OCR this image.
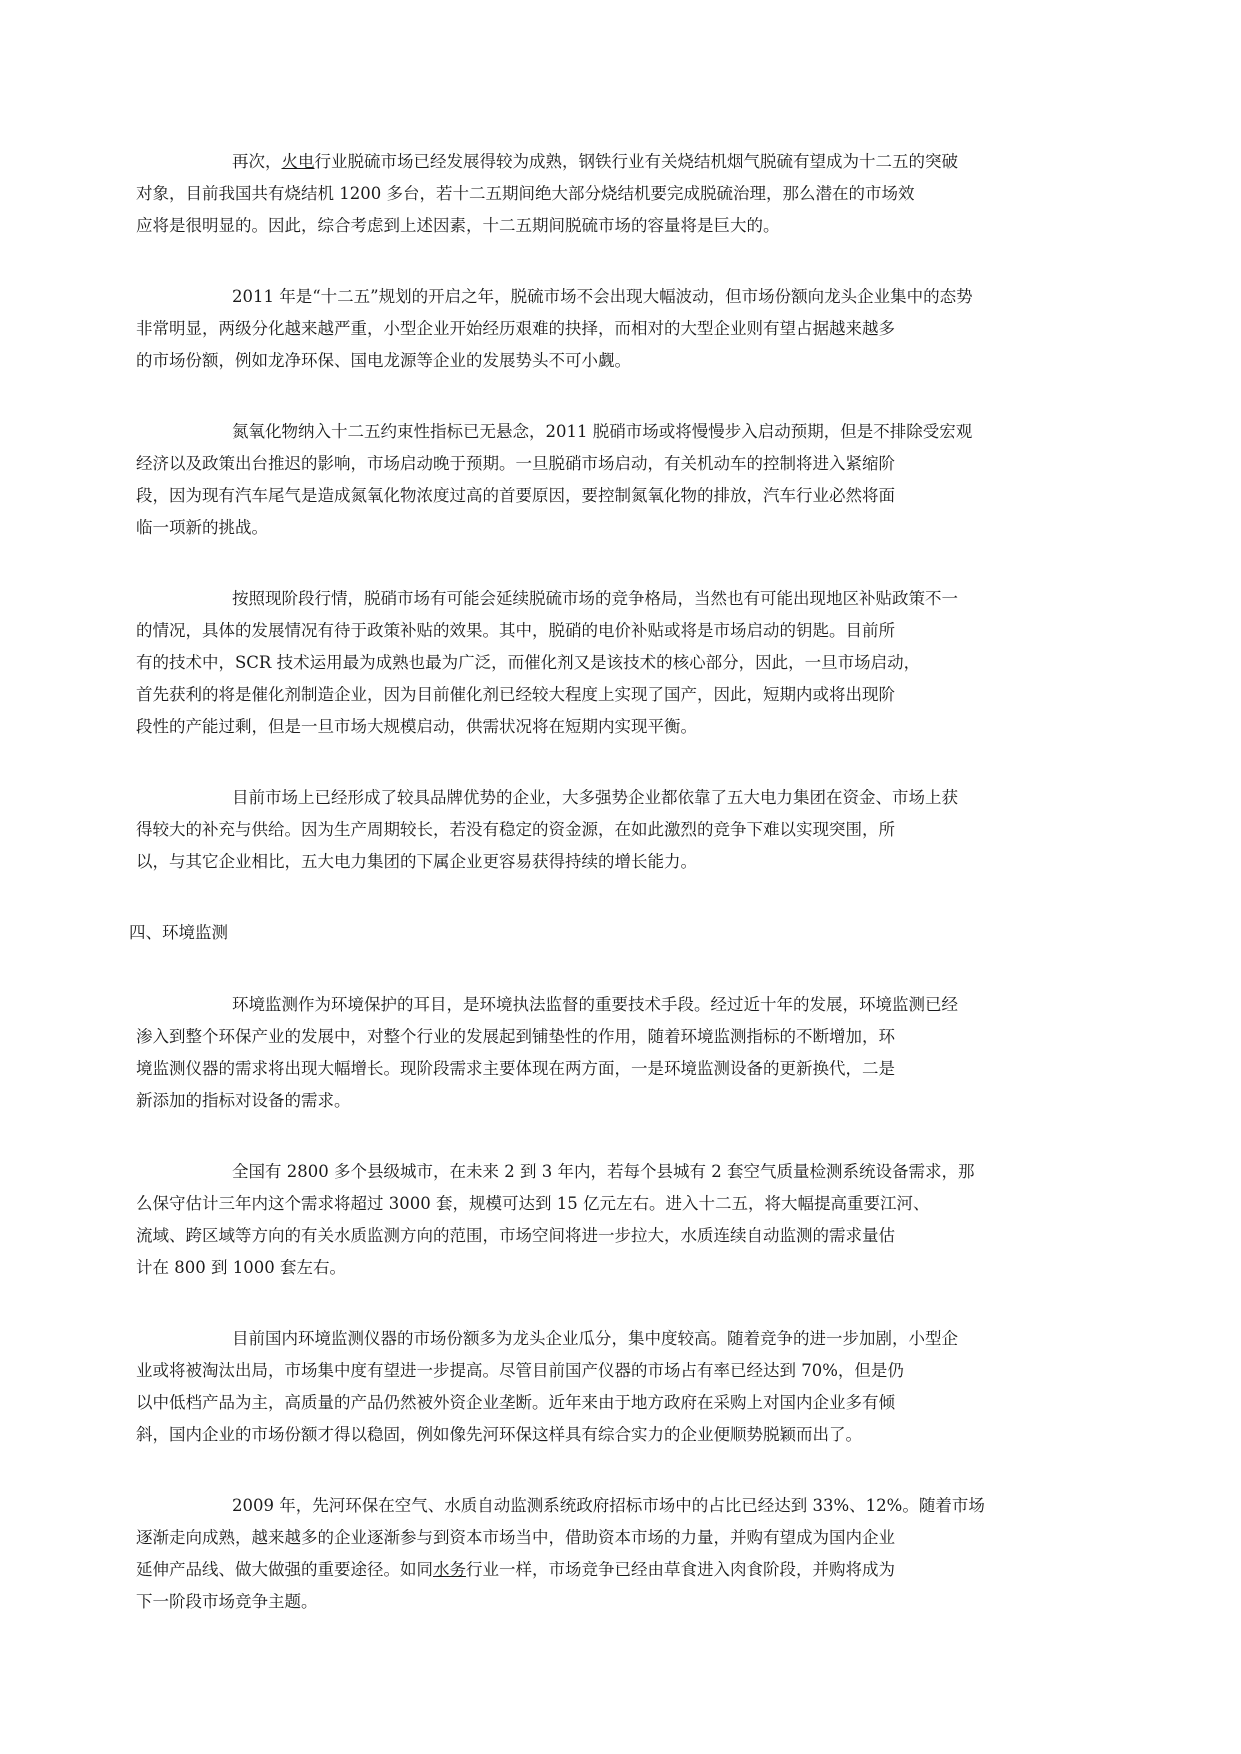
再次，火电行业脱硫市场已经发展得较为成熟，钢铁行业有关烧结机烟气脱硫有望成为十二五的突破
对象，目前我国共有烧结机 1200 多台，若十二五期间绝大部分烧结机要完成脱硫治理，那么潜在的市场效
应将是很明显的。因此，综合考虑到上述因素，十二五期间脱硫市场的容量将是巨大的。
2011 年是“十二五”规划的开启之年，脱硫市场不会出现大幅波动，但市场份额向龙头企业集中的态势
非常明显，两级分化越来越严重，小型企业开始经历艰难的抉择，而相对的大型企业则有望占据越来越多
的市场份额，例如龙净环保、国电龙源等企业的发展势头不可小觑。
氮氧化物纳入十二五约束性指标已无悬念，2011 脱硝市场或将慢慢步入启动预期，但是不排除受宏观
经济以及政策出台推迟的影响，市场启动晚于预期。一旦脱硝市场启动，有关机动车的控制将进入紧缩阶
段，因为现有汽车尾气是造成氮氧化物浓度过高的首要原因，要控制氮氧化物的排放，汽车行业必然将面
临一项新的挑战。
按照现阶段行情，脱硝市场有可能会延续脱硫市场的竞争格局，当然也有可能出现地区补贴政策不一
的情况，具体的发展情况有待于政策补贴的效果。其中，脱硝的电价补贴或将是市场启动的钥匙。目前所
有的技术中，SCR 技术运用最为成熟也最为广泛，而催化剂又是该技术的核心部分，因此，一旦市场启动，
首先获利的将是催化剂制造企业，因为目前催化剂已经较大程度上实现了国产，因此，短期内或将出现阶
段性的产能过剩，但是一旦市场大规模启动，供需状况将在短期内实现平衡。
目前市场上已经形成了较具品牌优势的企业，大多强势企业都依靠了五大电力集团在资金、市场上获
得较大的补充与供给。因为生产周期较长，若没有稳定的资金源，在如此激烈的竞争下难以实现突围，所
以，与其它企业相比，五大电力集团的下属企业更容易获得持续的增长能力。
四、环境监测
环境监测作为环境保护的耳目，是环境执法监督的重要技术手段。经过近十年的发展，环境监测已经
渗入到整个环保产业的发展中，对整个行业的发展起到铺垫性的作用，随着环境监测指标的不断增加，环
境监测仪器的需求将出现大幅增长。现阶段需求主要体现在两方面，一是环境监测设备的更新换代，二是
新添加的指标对设备的需求。
全国有 2800 多个县级城市，在未来 2 到 3 年内，若每个县城有 2 套空气质量检测系统设备需求，那
么保守估计三年内这个需求将超过 3000 套，规模可达到 15 亿元左右。进入十二五，将大幅提高重要江河、
流域、跨区域等方向的有关水质监测方向的范围，市场空间将进一步拉大，水质连续自动监测的需求量估
计在 800 到 1000 套左右。
目前国内环境监测仪器的市场份额多为龙头企业瓜分，集中度较高。随着竞争的进一步加剧，小型企
业或将被淘汰出局，市场集中度有望进一步提高。尽管目前国产仪器的市场占有率已经达到 70%，但是仍
以中低档产品为主，高质量的产品仍然被外资企业垄断。近年来由于地方政府在采购上对国内企业多有倾
斜，国内企业的市场份额才得以稳固，例如像先河环保这样具有综合实力的企业便顺势脱颖而出了。
2009 年，先河环保在空气、水质自动监测系统政府招标市场中的占比已经达到 33%、12%。随着市场
逐渐走向成熟，越来越多的企业逐渐参与到资本市场当中，借助资本市场的力量，并购有望成为国内企业
延伸产品线、做大做强的重要途径。如同水务行业一样，市场竞争已经由草食进入肉食阶段，并购将成为
下一阶段市场竞争主题。
